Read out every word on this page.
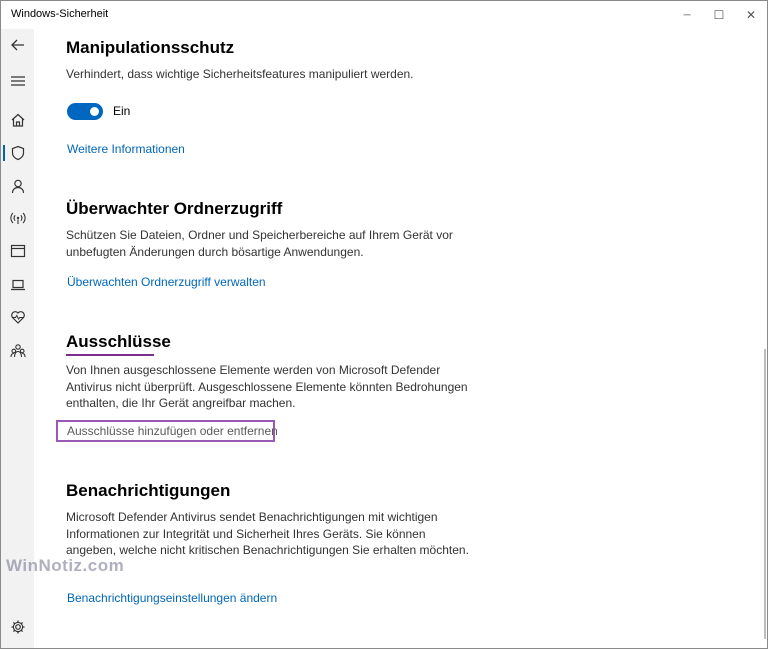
Windows-Sicherheit	─ ☐ ✕
Manipulationsschutz

Verhindert, dass wichtige Sicherheitsfeatures manipuliert werden.

Ein
Weitere Informationen
Überwachter Ordnerzugriff

Schützen Sie Dateien, Ordner und Speicherbereiche auf Ihrem Gerät vor unbefugten Änderungen durch bösartige Anwendungen.

Überwachten Ordnerzugriff verwalten
Ausschlüsse

Von Ihnen ausgeschlossene Elemente werden von Microsoft Defender Antivirus nicht überprüft. Ausgeschlossene Elemente könnten Bedrohungen enthalten, die Ihr Gerät angreifbar machen.

Ausschlüsse hinzufügen oder entfernen
Benachrichtigungen

Microsoft Defender Antivirus sendet Benachrichtigungen mit wichtigen Informationen zur Integrität und Sicherheit Ihres Geräts. Sie können angeben, welche nicht kritischen Benachrichtigungen Sie erhalten möchten.

Benachrichtigungseinstellungen ändern
WinNotiz.com
